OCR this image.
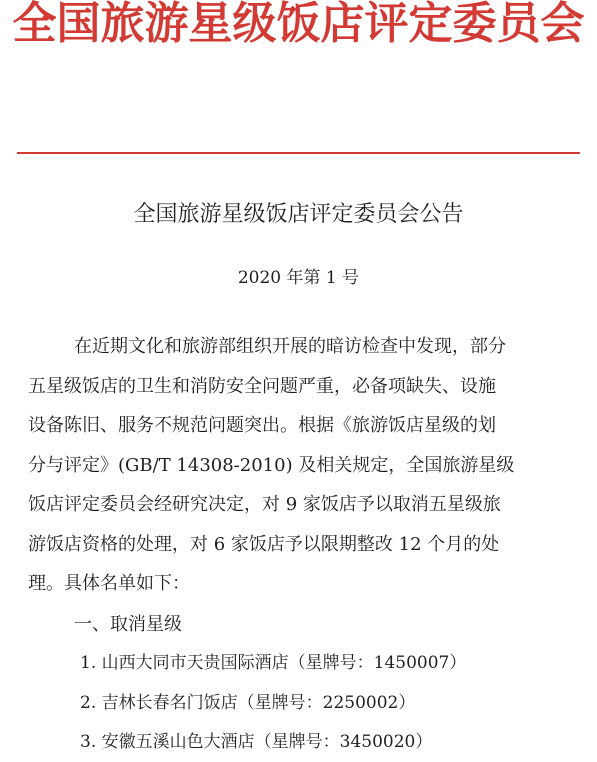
全国旅游星级饭店评定委员会
全国旅游星级饭店评定委员会公告
2020 年第 1 号
在近期文化和旅游部组织开展的暗访检查中发现，部分
五星级饭店的卫生和消防安全问题严重，必备项缺失、设施
设备陈旧、服务不规范问题突出。根据《旅游饭店星级的划
分与评定》(GB/T 14308-2010) 及相关规定，全国旅游星级
饭店评定委员会经研究决定，对 9 家饭店予以取消五星级旅
游饭店资格的处理，对 6 家饭店予以限期整改 12 个月的处
理。具体名单如下：
一、取消星级
1. 山西大同市天贵国际酒店（星牌号：1450007）
2. 吉林长春名门饭店（星牌号：2250002）
3. 安徽五溪山色大酒店（星牌号：3450020）
